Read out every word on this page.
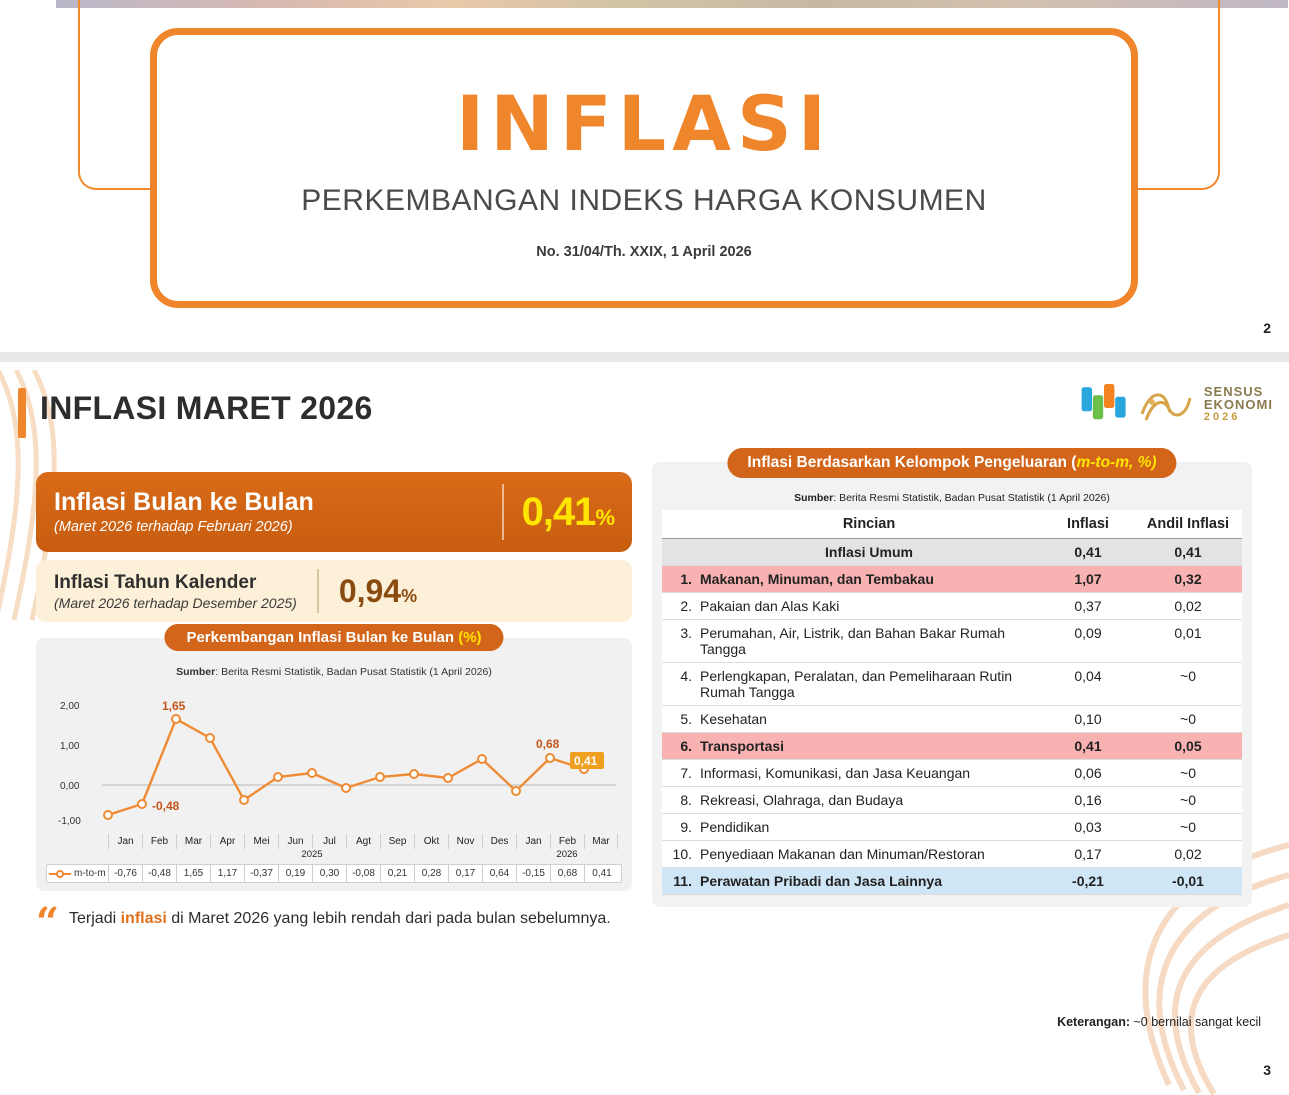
INFLASI
PERKEMBANGAN INDEKS HARGA KONSUMEN
No. 31/04/Th. XXIX, 1 April 2026
2
INFLASI MARET 2026	SENSUS
EKONOMI
2026
Inflasi Bulan ke Bulan
(Maret 2026 terhadap Februari 2026)	0,41%
Inflasi Tahun Kalender
(Maret 2026 terhadap Desember 2025) 0,94%
Perkembangan Inflasi Bulan ke Bulan (%)
Sumber: Berita Resmi Statistik, Badan Pusat Statistik (1 April 2026)
2,00
1,00
0,00
-1,00
1,65
-0,48
0,68
0,41
Jan	Feb	Mar	Apr	Mei	Jun	Jul	Agt	Sep	Okt	Nov	Des	Jan	Feb	Mar
2025	2026
m-to-m -0,76	-0,48	1,65	1,17	-0,37	0,19	0,30	-0,08	0,21	0,28	0,17	0,64	-0,15	0,68	0,41
“ Terjadi inflasi di Maret 2026 yang lebih rendah dari pada bulan sebelumnya.
Inflasi Berdasarkan Kelompok Pengeluaran (m-to-m, %)
Sumber: Berita Resmi Statistik, Badan Pusat Statistik (1 April 2026)
	Rincian	Inflasi	Andil Inflasi
	Inflasi Umum	0,41	0,41
1.	Makanan, Minuman, dan Tembakau	1,07	0,32
2.	Pakaian dan Alas Kaki	0,37	0,02
3.	Perumahan, Air, Listrik, dan Bahan Bakar Rumah Tangga	0,09	0,01
4.	Perlengkapan, Peralatan, dan Pemeliharaan Rutin Rumah Tangga	0,04	~0
5.	Kesehatan	0,10	~0
6.	Transportasi	0,41	0,05
7.	Informasi, Komunikasi, dan Jasa Keuangan	0,06	~0
8.	Rekreasi, Olahraga, dan Budaya	0,16	~0
9.	Pendidikan	0,03	~0
10.	Penyediaan Makanan dan Minuman/Restoran	0,17	0,02
11.	Perawatan Pribadi dan Jasa Lainnya	-0,21	-0,01
Keterangan: ~0 bernilai sangat kecil
3
